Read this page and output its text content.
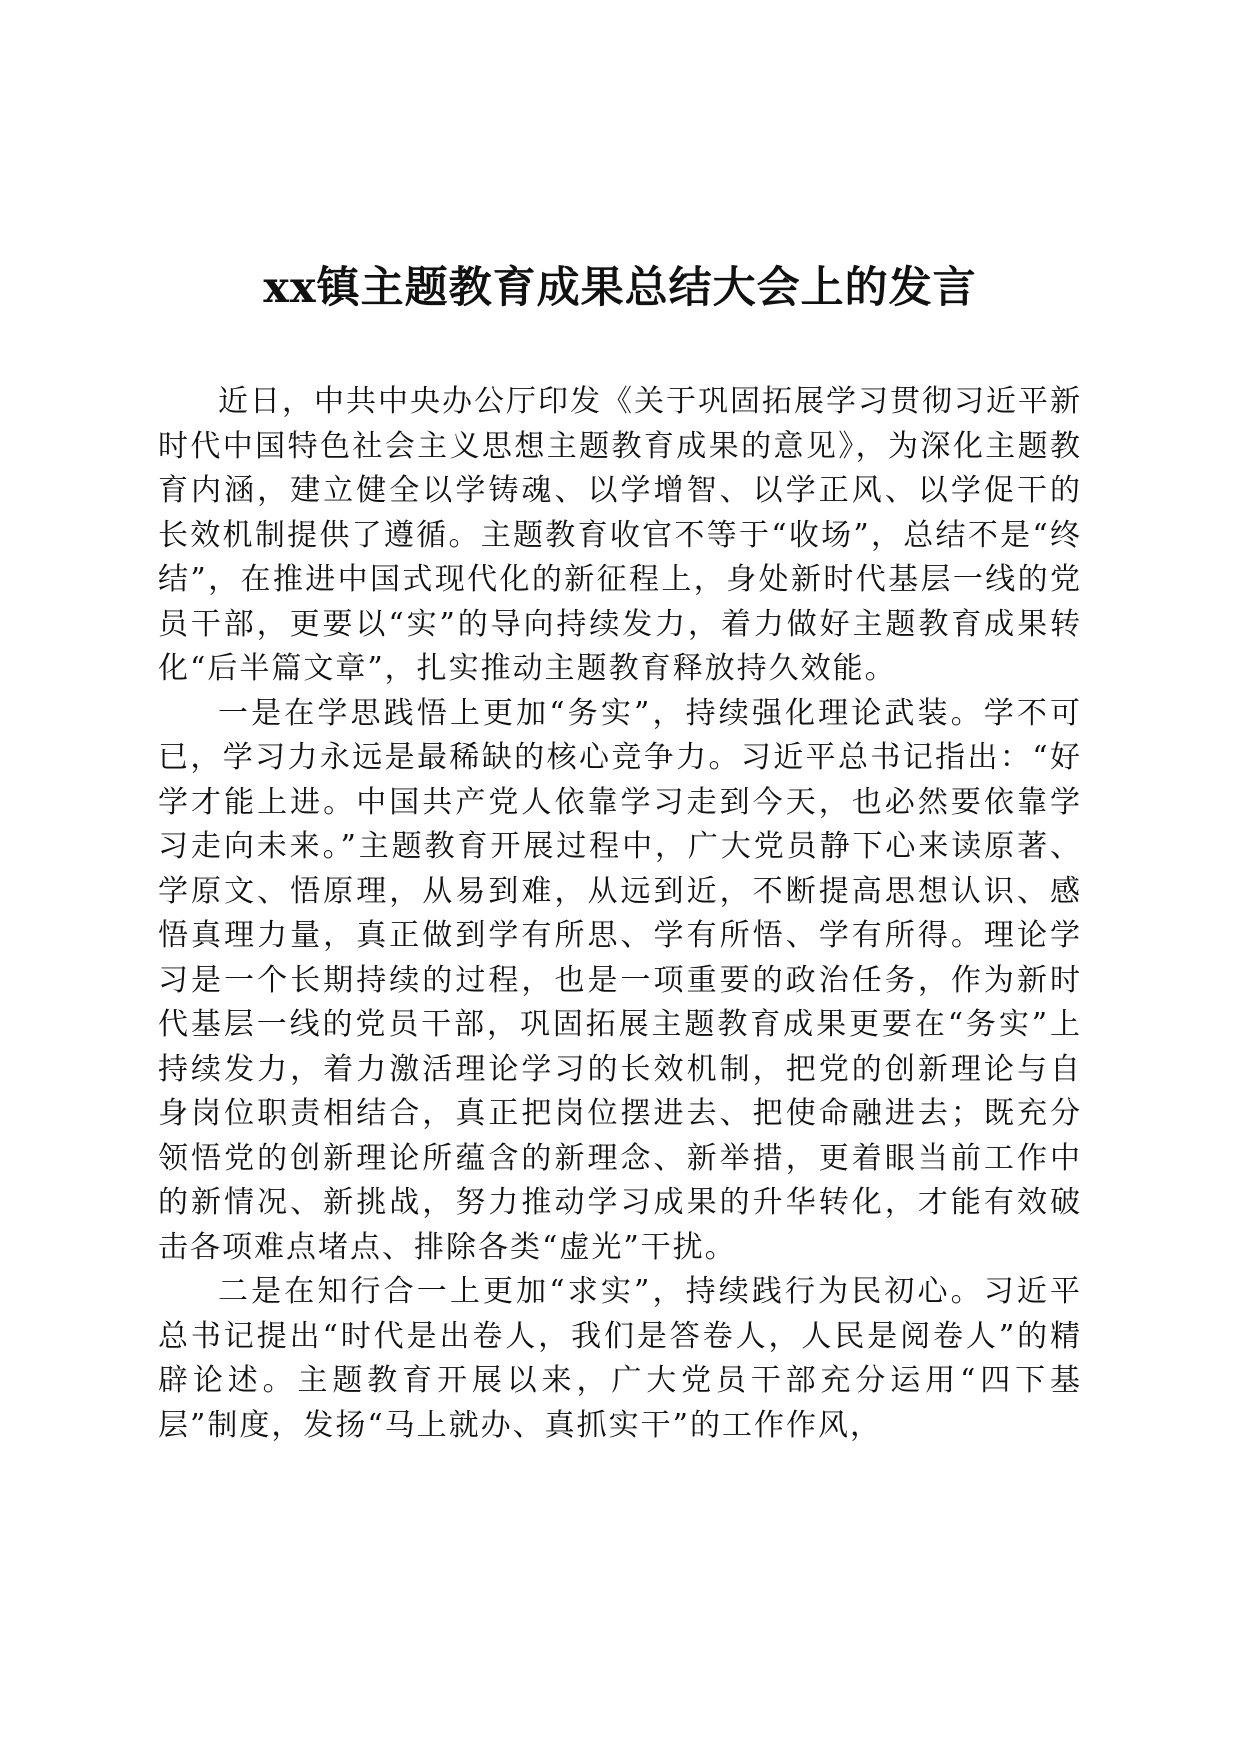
xx镇主题教育成果总结大会上的发言

近日，中共中央办公厅印发《关于巩固拓展学习贯彻习近平新时代中国特色社会主义思想主题教育成果的意见》，为深化主题教育内涵，建立健全以学铸魂、以学增智、以学正风、以学促干的长效机制提供了遵循。主题教育收官不等于“收场”，总结不是“终结”，在推进中国式现代化的新征程上，身处新时代基层一线的党员干部，更要以“实”的导向持续发力，着力做好主题教育成果转化“后半篇文章”，扎实推动主题教育释放持久效能。

一是在学思践悟上更加“务实”，持续强化理论武装。学不可已，学习力永远是最稀缺的核心竞争力。习近平总书记指出：“好学才能上进。中国共产党人依靠学习走到今天，也必然要依靠学习走向未来。”主题教育开展过程中，广大党员静下心来读原著、学原文、悟原理，从易到难，从远到近，不断提高思想认识、感悟真理力量，真正做到学有所思、学有所悟、学有所得。理论学习是一个长期持续的过程，也是一项重要的政治任务，作为新时代基层一线的党员干部，巩固拓展主题教育成果更要在“务实”上持续发力，着力激活理论学习的长效机制，把党的创新理论与自身岗位职责相结合，真正把岗位摆进去、把使命融进去；既充分领悟党的创新理论所蕴含的新理念、新举措，更着眼当前工作中的新情况、新挑战，努力推动学习成果的升华转化，才能有效破击各项难点堵点、排除各类“虚光”干扰。

二是在知行合一上更加“求实”，持续践行为民初心。习近平总书记提出“时代是出卷人，我们是答卷人，人民是阅卷人”的精辟论述。主题教育开展以来，广大党员干部充分运用“四下基层”制度，发扬“马上就办、真抓实干”的工作作风，
